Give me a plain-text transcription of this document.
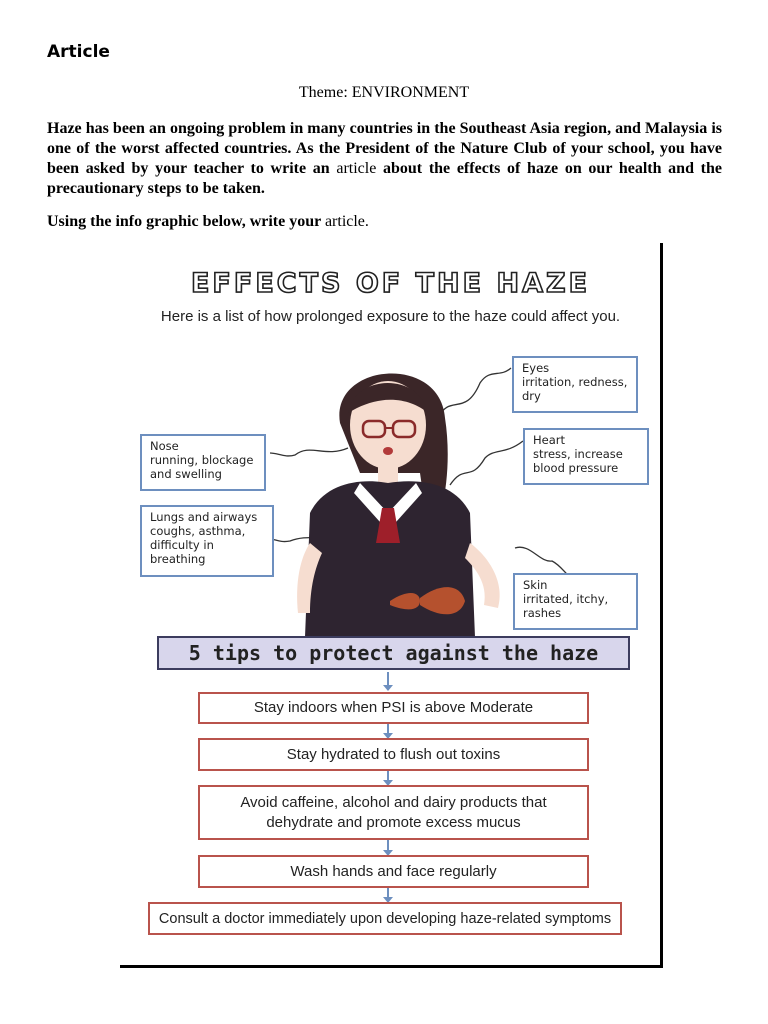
Article
Theme: ENVIRONMENT
Haze has been an ongoing problem in many countries in the Southeast Asia region, and Malaysia is one of the worst affected countries. As the President of the Nature Club of your school, you have been asked by your teacher to write an article about the effects of haze on our health and the precautionary steps to be taken.
Using the info graphic below, write your article.
EFFECTS OF THE HAZE
Here is a list of how prolonged exposure to the haze could affect you.
Eyes
irritation, redness,
dry
Nose
running, blockage
and swelling
Heart
stress, increase
blood pressure
Lungs and airways
coughs, asthma,
difficulty in
breathing
Skin
irritated, itchy,
rashes
5 tips to protect against the haze
Stay indoors when PSI is above Moderate
Stay hydrated to flush out toxins
Avoid caffeine, alcohol and dairy products that dehydrate and promote excess mucus
Wash hands and face regularly
Consult a doctor immediately upon developing haze-related symptoms
